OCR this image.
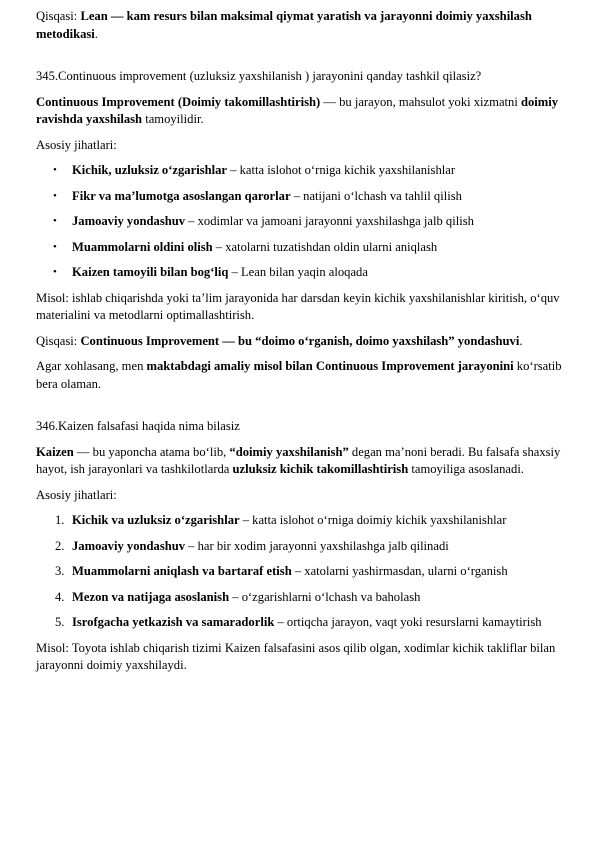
Qisqasi: Lean — kam resurs bilan maksimal qiymat yaratish va jarayonni doimiy yaxshilash metodikasi.

345.Continuous improvement (uzluksiz yaxshilanish ) jarayonini qanday tashkil qilasiz?

Continuous Improvement (Doimiy takomillashtirish) — bu jarayon, mahsulot yoki xizmatni doimiy ravishda yaxshilash tamoyilidir.

Asosiy jihatlari:

• Kichik, uzluksiz o‘zgarishlar – katta islohot o‘rniga kichik yaxshilanishlar
• Fikr va ma’lumotga asoslangan qarorlar – natijani o‘lchash va tahlil qilish
• Jamoaviy yondashuv – xodimlar va jamoani jarayonni yaxshilashga jalb qilish
• Muammolarni oldini olish – xatolarni tuzatishdan oldin ularni aniqlash
• Kaizen tamoyili bilan bog‘liq – Lean bilan yaqin aloqada

Misol: ishlab chiqarishda yoki ta’lim jarayonida har darsdan keyin kichik yaxshilanishlar kiritish, o‘quv materialini va metodlarni optimallashtirish.

Qisqasi: Continuous Improvement — bu “doimo o‘rganish, doimo yaxshilash” yondashuvi.

Agar xohlasang, men maktabdagi amaliy misol bilan Continuous Improvement jarayonini ko‘rsatib bera olaman.

346.Kaizen falsafasi haqida nima bilasiz

Kaizen — bu yaponcha atama bo‘lib, “doimiy yaxshilanish” degan ma’noni beradi. Bu falsafa shaxsiy hayot, ish jarayonlari va tashkilotlarda uzluksiz kichik takomillashtirish tamoyiliga asoslanadi.

Asosiy jihatlari:

1. Kichik va uzluksiz o‘zgarishlar – katta islohot o‘rniga doimiy kichik yaxshilanishlar
2. Jamoaviy yondashuv – har bir xodim jarayonni yaxshilashga jalb qilinadi
3. Muammolarni aniqlash va bartaraf etish – xatolarni yashirmasdan, ularni o‘rganish
4. Mezon va natijaga asoslanish – o‘zgarishlarni o‘lchash va baholash
5. Isrofgacha yetkazish va samaradorlik – ortiqcha jarayon, vaqt yoki resurslarni kamaytirish

Misol: Toyota ishlab chiqarish tizimi Kaizen falsafasini asos qilib olgan, xodimlar kichik takliflar bilan jarayonni doimiy yaxshilaydi.
